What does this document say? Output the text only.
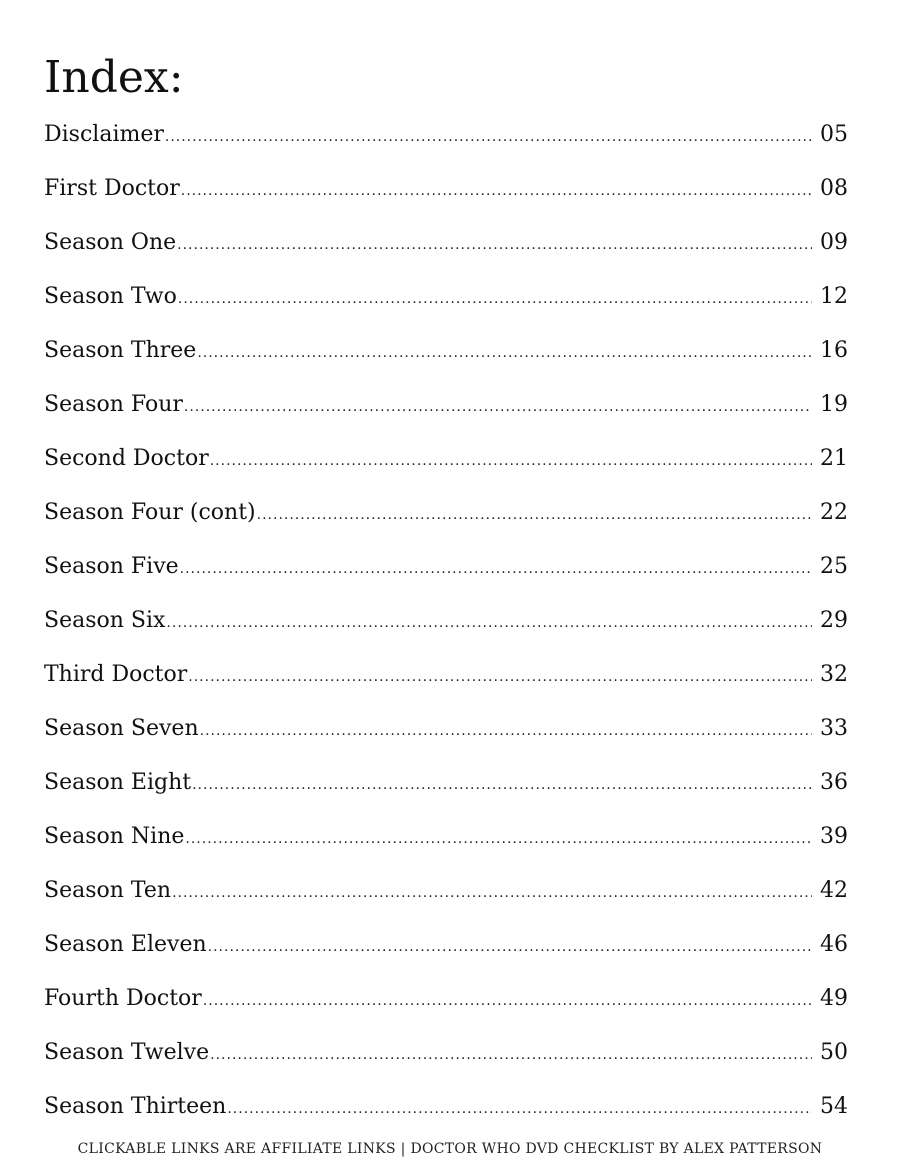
Index:
Disclaimer .....	05
First Doctor .....	08
Season One .....	09
Season Two .....	12
Season Three .....	16
Season Four .....	19
Second Doctor .....	21
Season Four (cont) .....	22
Season Five .....	25
Season Six .....	29
Third Doctor .....	32
Season Seven .....	33
Season Eight .....	36
Season Nine .....	39
Season Ten .....	42
Season Eleven .....	46
Fourth Doctor .....	49
Season Twelve .....	50
Season Thirteen .....	54
CLICKABLE LINKS ARE AFFILIATE LINKS | DOCTOR WHO DVD CHECKLIST BY ALEX PATTERSON
